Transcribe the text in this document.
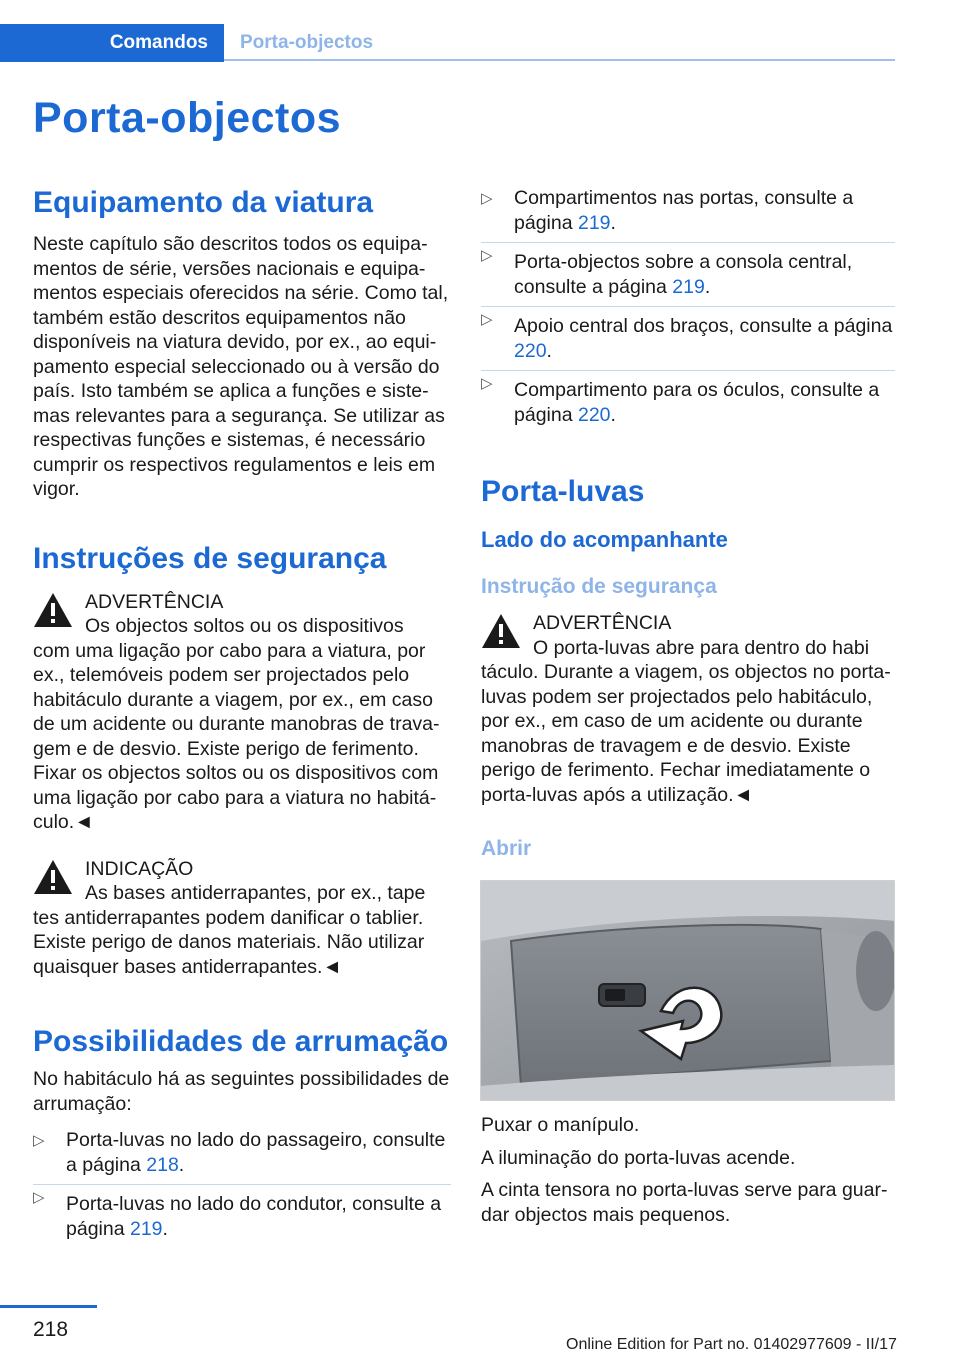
Comandos	Porta-objectos
Porta-objectos
Equipamento da viatura

Neste capítulo são descritos todos os equipamentos de série, versões nacionais e equipamentos especiais oferecidos na série. Como tal, também estão descritos equipamentos não disponíveis na viatura devido, por ex., ao equipamento especial seleccionado ou à versão do país. Isto também se aplica a funções e sistemas relevantes para a segurança. Se utilizar as respectivas funções e sistemas, é necessário cumprir os respectivos regulamentos e leis em vigor.

Instruções de segurança
ADVERTÊNCIA
Os objectos soltos ou os dispositivos
com uma ligação por cabo para a viatura, por ex., telemóveis podem ser projectados pelo habitáculo durante a viagem, por ex., em caso de um acidente ou durante manobras de travagem e de desvio. Existe perigo de ferimento. Fixar os objectos soltos ou os dispositivos com uma ligação por cabo para a viatura no habitáculo.◄
INDICAÇÃO
As bases antiderrapantes, por ex., tape
tes antiderrapantes podem danificar o tablier. Existe perigo de danos materiais. Não utilizar quaisquer bases antiderrapantes.◄
Possibilidades de arrumação

No habitáculo há as seguintes possibilidades de arrumação:

▷ Porta-luvas no lado do passageiro, consulte a página 218.
▷ Porta-luvas no lado do condutor, consulte a página 219.
▷ Compartimentos nas portas, consulte a página 219.
▷ Porta-objectos sobre a consola central, consulte a página 219.
▷ Apoio central dos braços, consulte a página 220.
▷ Compartimento para os óculos, consulte a página 220.
Porta-luvas
Lado do acompanhante
Instrução de segurança
ADVERTÊNCIA
O porta-luvas abre para dentro do habi
táculo. Durante a viagem, os objectos no porta-luvas podem ser projectados pelo habitáculo, por ex., em caso de um acidente ou durante manobras de travagem e de desvio. Existe perigo de ferimento. Fechar imediatamente o porta-luvas após a utilização.◄
Abrir

Puxar o manípulo.

A iluminação do porta-luvas acende.

A cinta tensora no porta-luvas serve para guardar objectos mais pequenos.

218
Online Edition for Part no. 01402977609 - II/17
